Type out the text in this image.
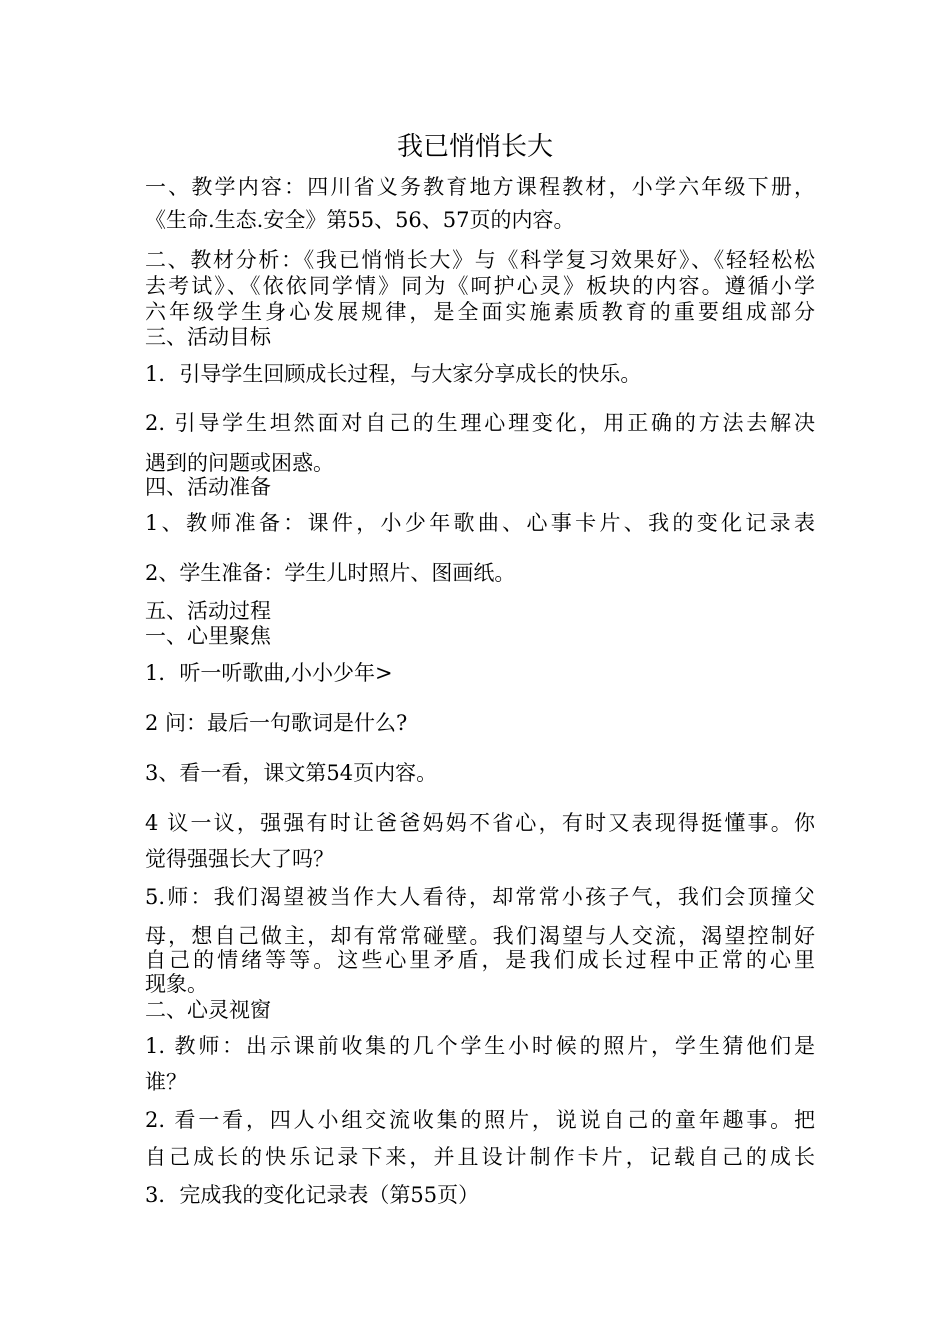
我已悄悄长大
一、教学内容：四川省义务教育地方课程教材，小学六年级下册，
《生命.生态.安全》第55、56、57页的内容。
二、教材分析：《我已悄悄长大》与《科学复习效果好》、《轻轻松松
去考试》、《依依同学情》同为《呵护心灵》板块的内容。遵循小学
六年级学生身心发展规律，是全面实施素质教育的重要组成部分
三、活动目标
1．引导学生回顾成长过程，与大家分享成长的快乐。
2. 引导学生坦然面对自己的生理心理变化，用正确的方法去解决
遇到的问题或困惑。
四、活动准备
1、教师准备：课件，小少年歌曲、心事卡片、我的变化记录表
2、学生准备：学生儿时照片、图画纸。
五、活动过程
一、心里聚焦
1．听一听歌曲,小小少年>
2 问：最后一句歌词是什么?
3、看一看，课文第54页内容。
4 议一议，强强有时让爸爸妈妈不省心，有时又表现得挺懂事。你
觉得强强长大了吗？
5.师：我们渴望被当作大人看待，却常常小孩子气，我们会顶撞父
母，想自己做主，却有常常碰壁。我们渴望与人交流，渴望控制好
自己的情绪等等。这些心里矛盾，是我们成长过程中正常的心里
现象。
二、心灵视窗
1. 教师：出示课前收集的几个学生小时候的照片，学生猜他们是
谁？
2. 看一看，四人小组交流收集的照片，说说自己的童年趣事。把
自己成长的快乐记录下来，并且设计制作卡片，记载自己的成长
3．完成我的变化记录表（第55页）
